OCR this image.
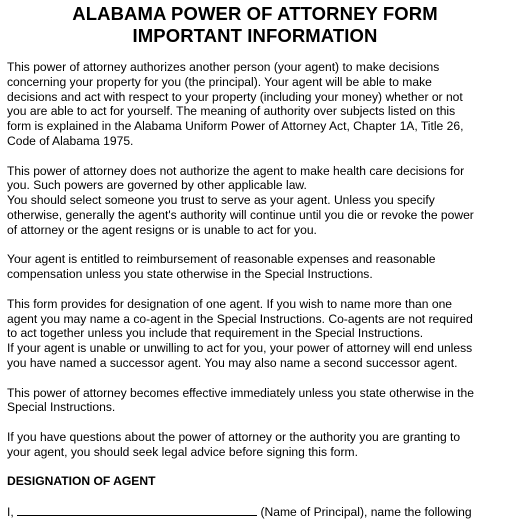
ALABAMA POWER OF ATTORNEY FORM
IMPORTANT INFORMATION
This power of attorney authorizes another person (your agent) to make decisions
concerning your property for you (the principal). Your agent will be able to make
decisions and act with respect to your property (including your money) whether or not
you are able to act for yourself. The meaning of authority over subjects listed on this
form is explained in the Alabama Uniform Power of Attorney Act, Chapter 1A, Title 26,
Code of Alabama 1975.
This power of attorney does not authorize the agent to make health care decisions for
you. Such powers are governed by other applicable law.
You should select someone you trust to serve as your agent. Unless you specify
otherwise, generally the agent's authority will continue until you die or revoke the power
of attorney or the agent resigns or is unable to act for you.
Your agent is entitled to reimbursement of reasonable expenses and reasonable
compensation unless you state otherwise in the Special Instructions.
This form provides for designation of one agent. If you wish to name more than one
agent you may name a co-agent in the Special Instructions. Co-agents are not required
to act together unless you include that requirement in the Special Instructions.
If your agent is unable or unwilling to act for you, your power of attorney will end unless
you have named a successor agent. You may also name a second successor agent.
This power of attorney becomes effective immediately unless you state otherwise in the
Special Instructions.
If you have questions about the power of attorney or the authority you are granting to
your agent, you should seek legal advice before signing this form.
DESIGNATION OF AGENT
I,	(Name of Principal), name the following
